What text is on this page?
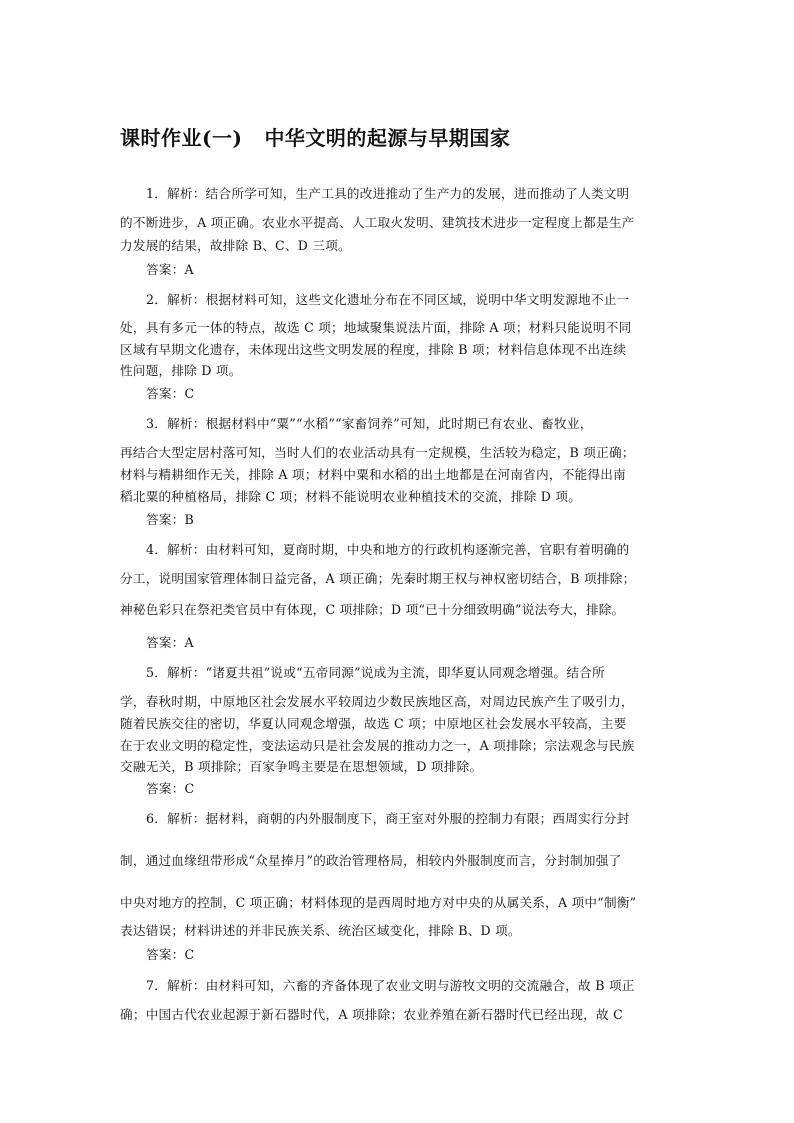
课时作业(一) 中华文明的起源与早期国家
1．解析：结合所学可知，生产工具的改进推动了生产力的发展，进而推动了人类文明
的不断进步，A 项正确。农业水平提高、人工取火发明、建筑技术进步一定程度上都是生产
力发展的结果，故排除 B、C、D 三项。
答案：A
2．解析：根据材料可知，这些文化遗址分布在不同区域，说明中华文明发源地不止一
处，具有多元一体的特点，故选 C 项；地域聚集说法片面，排除 A 项；材料只能说明不同
区域有早期文化遗存，未体现出这些文明发展的程度，排除 B 项；材料信息体现不出连续
性问题，排除 D 项。
答案：C
3．解析：根据材料中“粟”“水稻”“家畜饲养”可知，此时期已有农业、畜牧业，
再结合大型定居村落可知，当时人们的农业活动具有一定规模，生活较为稳定，B 项正确；
材料与精耕细作无关，排除 A 项；材料中粟和水稻的出土地都是在河南省内，不能得出南
稻北粟的种植格局，排除 C 项；材料不能说明农业种植技术的交流，排除 D 项。
答案：B
4．解析：由材料可知，夏商时期，中央和地方的行政机构逐渐完善，官职有着明确的
分工，说明国家管理体制日益完备，A 项正确；先秦时期王权与神权密切结合，B 项排除；
神秘色彩只在祭祀类官员中有体现，C 项排除；D 项“已十分细致明确”说法夸大，排除。
答案：A
5．解析：“诸夏共祖”说或“五帝同源”说成为主流，即华夏认同观念增强。结合所
学，春秋时期，中原地区社会发展水平较周边少数民族地区高，对周边民族产生了吸引力，
随着民族交往的密切，华夏认同观念增强，故选 C 项；中原地区社会发展水平较高，主要
在于农业文明的稳定性，变法运动只是社会发展的推动力之一，A 项排除；宗法观念与民族
交融无关，B 项排除；百家争鸣主要是在思想领域，D 项排除。
答案：C
6．解析：据材料，商朝的内外服制度下，商王室对外服的控制力有限；西周实行分封
制，通过血缘纽带形成“众星捧月”的政治管理格局，相较内外服制度而言，分封制加强了
中央对地方的控制，C 项正确；材料体现的是西周时地方对中央的从属关系，A 项中“制衡”
表达错误；材料讲述的并非民族关系、统治区域变化，排除 B、D 项。
答案：C
7．解析：由材料可知，六畜的齐备体现了农业文明与游牧文明的交流融合，故 B 项正
确；中国古代农业起源于新石器时代，A 项排除；农业养殖在新石器时代已经出现，故 C
